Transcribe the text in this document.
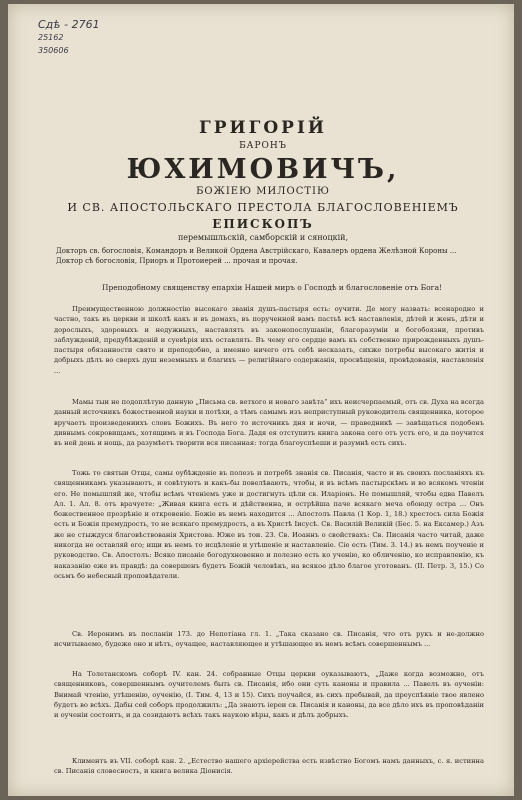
Сдѣ - 2761
25162
350606
ГРИГОРІЙ
БАРОНЪ
ЮХИМОВИЧЪ,
БОЖІЕЮ МИЛОСТІЮ
И СВ. АПОСТОЛЬСКАГО ПРЕСТОЛА БЛАГОСЛОВЕНІЕМЪ
ЕПИСКОПЪ
перемышльскій, самборскій и сяноцкій,
Докторъ св. богословія, Командоръ и Великой Ордена Австрійскаго, Кавалеръ ордена Желѣзной Короны ... Доктор сѣ богословія, Приоръ и Протоиерей ... прочая и прочая.
Преподобному священству епархіи Нашей миръ о Господѣ и благословеніе отъ Бога!

Преимущественною должностію высокаго званія душъ-пастыря есть: оучити. Де могу назвать: всенародно и частно, такъ въ церкви и школѣ какъ и въ домахъ, въ порученной вамъ пастьѣ всѣ наставленія, дѣтей и женъ, дѣти и дорослыхъ, здоровыхъ и недужныхъ, наставлять въ законопослушаніи, благоразуміи и богобоязни, противъ заблужденій, предубѣжденій и суевѣрія ихъ оставлять. Въ чему его сердце вамъ къ собственно прирожденныхъ душъ-пастыря обязанности свято и преподобно, а именно ничего отъ себѣ несказать, сихже потребы высокаго житія и добрыхъ дѣлъ во сверхъ душ неземныхъ и благихъ — религійнаго содержанія, просвѣщенія, провѣдованія, наставленія ...

Мамы тыи не подоплѣтую данную „Письма св. ветхого и новаго завѣта“ ихъ неисчерпаемый, отъ св. Духа на всегда данный источникъ божественной науки и потѣхи, а тѣмъ самымъ изъ неприступный руководитель священника, которое вручаетъ произведениихъ словъ Божихъ. Въ него то источникъ дня и ночи, — праведникѣ — завѣщаться подобенъ дивнымъ сокровищамъ, хотящимъ и въ Господа Бога. Дадя ея отступитъ книга закона сего отъ устъ его, и да поучится въ ней день и нощь, да разумѣетъ творити вся писанная: тогда благоуспѣеши и разумнѣ есть сихъ.

Тожь то святыи Отцы, самы оубѣжденіе въ полезъ и потребѣ знанія св. Писанія, часто и въ своихъ посланіяхъ къ священникамъ указываютъ, и совѣтуютъ и какъ-бы повелѣваютъ, чтобы, и въ всѣмъ пастырскѣмъ и во всякомъ чтеніи его. Не помышляй же, чтобы всѣмъ чтеніемъ уже и достигнуть цѣли св. Иларіонъ. Не помышляй, чтобы едва Павелъ Ал. 1. Ал. 8. отъ врачуете: „Живая книга есть и дѣйственна, и острѣйша паче всякаго меча обоюду острa ... Онъ божественное прозрѣніе и откровеніе. Божіе въ немъ находится ... Апостолъ Павла (1 Кор. 1, 18.) хрестосъ сила Божія есть и Божія премудрость, то не всякаго премудрость, а въ Христѣ Іисусѣ. Св. Василій Великій (Бес. 5. на Ексамер.) Азъ же не стыждуся благовѣствованія Христова. Юже въ тои. 23. Св. Иоаннъ о свойствахъ: Св. Писанія часто читай, даже никогда не оставляй его; ищи въ немъ то исцѣленіе и утѣшеніе и наставленіе. Сіе есть (Тим. 3. 14.) въ немъ поученіе и руководство. Св. Апостолъ: Всяко писаніе богодухновенно и полезно есть ко ученію, ко обличенію, ко исправленію, къ наказанію еже въ правдѣ: да совершенъ будетъ Божій человѣкъ, на всякое дѣло благое уготованъ. (II. Петр. 3, 15.) Со осьмъ бо небесный проповѣдатели.

Св. Иеронимъ въ посланіи 173. до Непотіана гл. 1. „Така сказано св. Писанія, что отъ рукъ и не-должно исчитываемо, будеже оно и нѣтъ, оучащее, наставляющее и утѣшающее въ немъ всѣмъ совершеннымъ ...

На Толетанскомъ соборѣ IV. кан. 24. собранные Отцы церкви оуказываютъ, „Даже когда возможно, отъ священниковъ, совершеннымъ оучителемъ быть св. Писанія, ибо они суть каноны и правила ... Павелъ въ оученіи: Внимай чтенію, утѣшенію, оученію, (I. Тим. 4, 13 и 15). Сихъ поучайся, въ сихъ пребывай, да преуспѣяніе твое явлено будетъ во всѣхъ. Дабы сей соборъ продолжилъ: „Да знаютъ іереи св. Писанія и каноны, да все дѣло ихъ въ проповѣданіи и оученіи состоитъ, и да созидаютъ всѣхъ такъ наукою вѣры, какъ и дѣлъ добрыхъ.

Климентъ въ VII. соборѣ кан. 2. „Естество нашего архіерейства есть извѣстно Богомъ намъ данныхъ, с. я. истинна св. Писанія словесность, и книга велика Діонисія.
